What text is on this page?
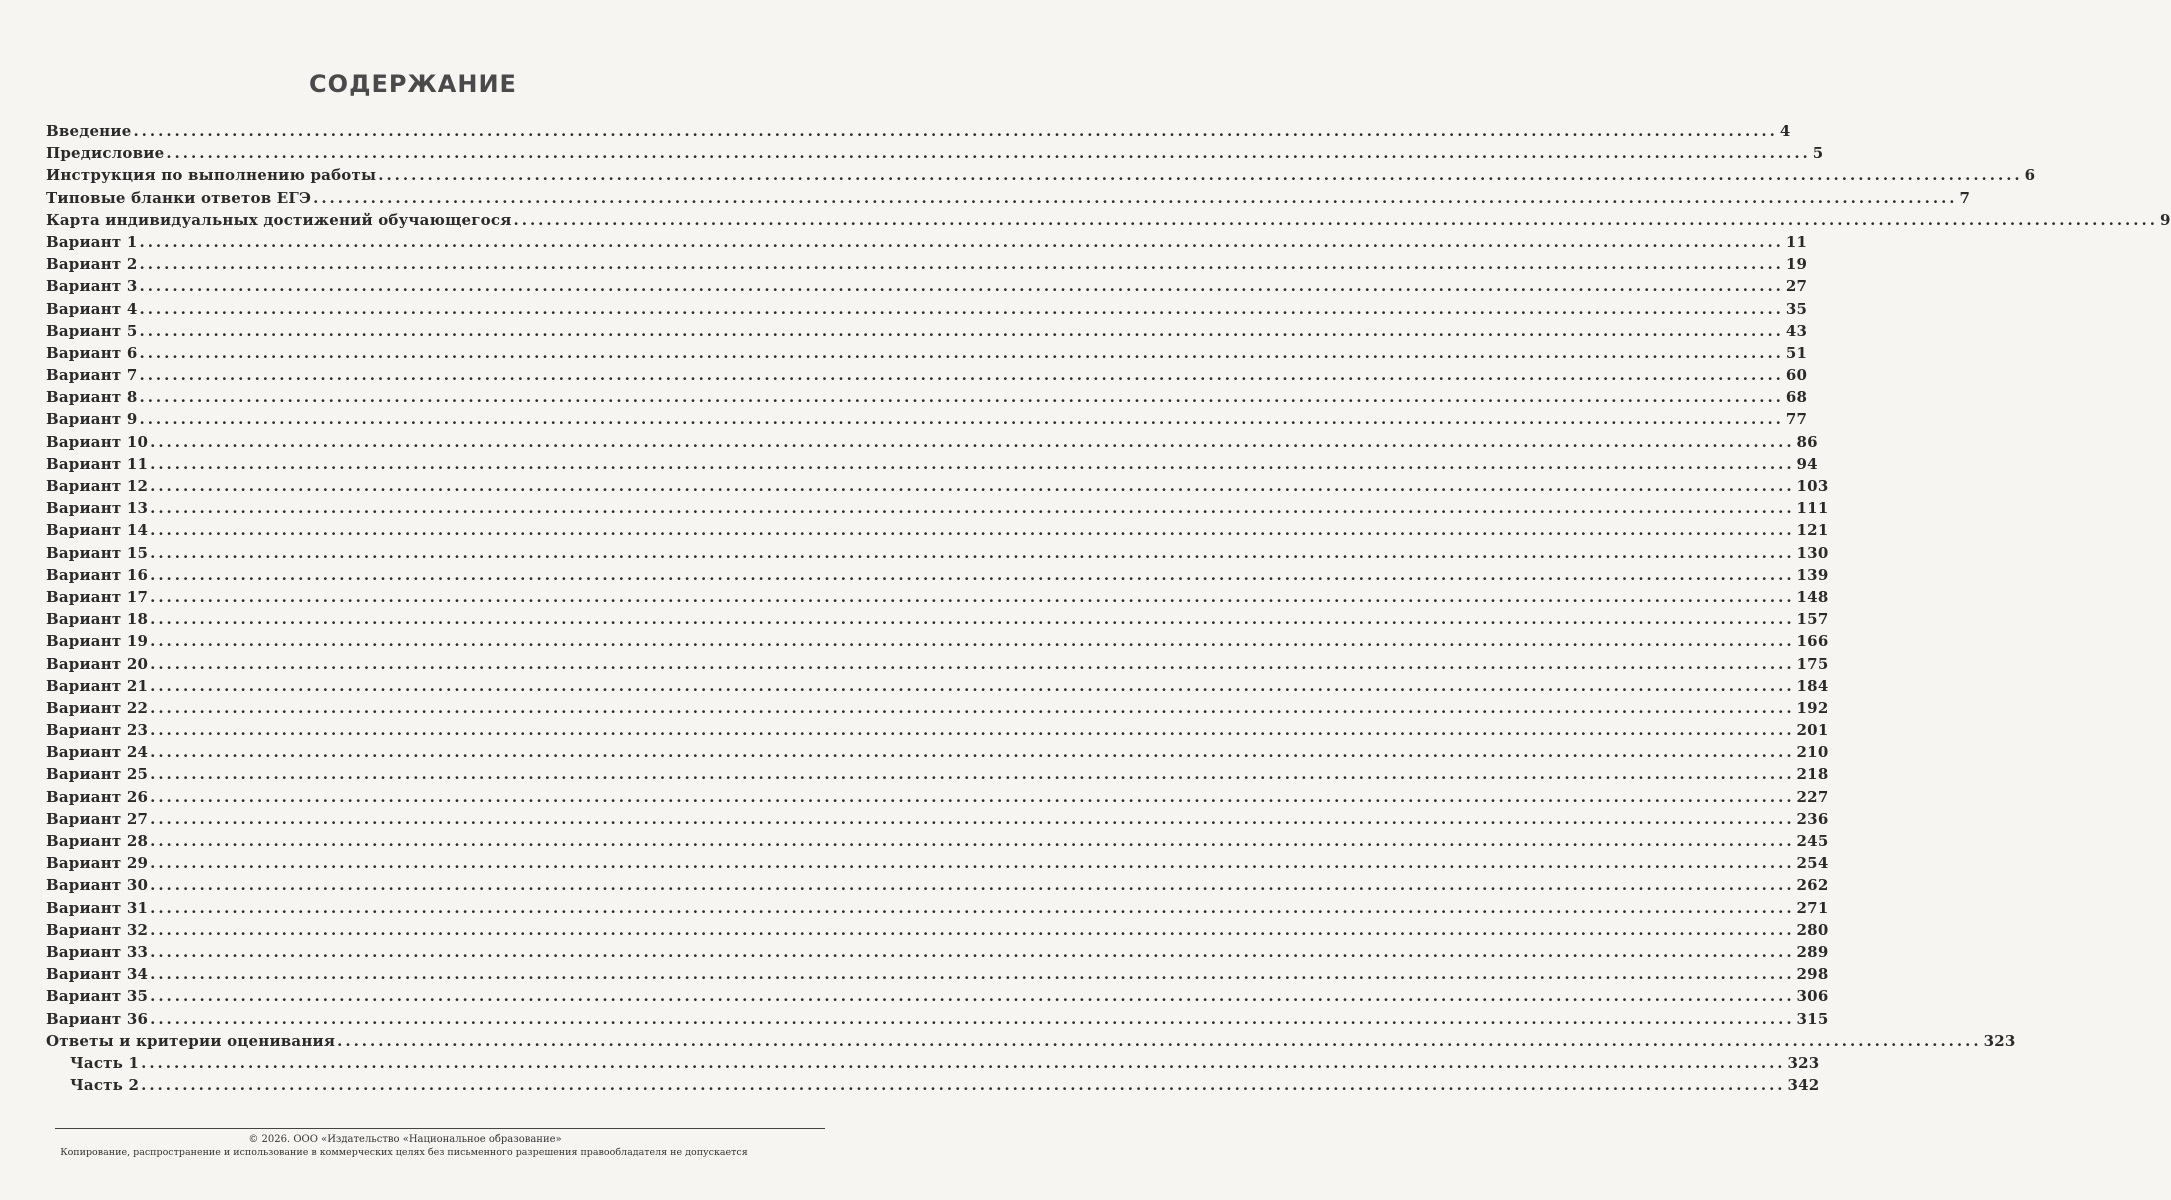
СОДЕРЖАНИЕ
Введение ........................................................................................................................................................................................................ 4
Предисловие ........................................................................................................................................................................................................ 5
Инструкция по выполнению работы ........................................................................................................................................................................................................ 6
Типовые бланки ответов ЕГЭ ........................................................................................................................................................................................................ 7
Карта индивидуальных достижений обучающегося ........................................................................................................................................................................................................ 9
Вариант 1 ........................................................................................................................................................................................................ 11
Вариант 2 ........................................................................................................................................................................................................ 19
Вариант 3 ........................................................................................................................................................................................................ 27
Вариант 4 ........................................................................................................................................................................................................ 35
Вариант 5 ........................................................................................................................................................................................................ 43
Вариант 6 ........................................................................................................................................................................................................ 51
Вариант 7 ........................................................................................................................................................................................................ 60
Вариант 8 ........................................................................................................................................................................................................ 68
Вариант 9 ........................................................................................................................................................................................................ 77
Вариант 10 ........................................................................................................................................................................................................ 86
Вариант 11 ........................................................................................................................................................................................................ 94
Вариант 12 ........................................................................................................................................................................................................ 103
Вариант 13 ........................................................................................................................................................................................................ 111
Вариант 14 ........................................................................................................................................................................................................ 121
Вариант 15 ........................................................................................................................................................................................................ 130
Вариант 16 ........................................................................................................................................................................................................ 139
Вариант 17 ........................................................................................................................................................................................................ 148
Вариант 18 ........................................................................................................................................................................................................ 157
Вариант 19 ........................................................................................................................................................................................................ 166
Вариант 20 ........................................................................................................................................................................................................ 175
Вариант 21 ........................................................................................................................................................................................................ 184
Вариант 22 ........................................................................................................................................................................................................ 192
Вариант 23 ........................................................................................................................................................................................................ 201
Вариант 24 ........................................................................................................................................................................................................ 210
Вариант 25 ........................................................................................................................................................................................................ 218
Вариант 26 ........................................................................................................................................................................................................ 227
Вариант 27 ........................................................................................................................................................................................................ 236
Вариант 28 ........................................................................................................................................................................................................ 245
Вариант 29 ........................................................................................................................................................................................................ 254
Вариант 30 ........................................................................................................................................................................................................ 262
Вариант 31 ........................................................................................................................................................................................................ 271
Вариант 32 ........................................................................................................................................................................................................ 280
Вариант 33 ........................................................................................................................................................................................................ 289
Вариант 34 ........................................................................................................................................................................................................ 298
Вариант 35 ........................................................................................................................................................................................................ 306
Вариант 36 ........................................................................................................................................................................................................ 315
Ответы и критерии оценивания ........................................................................................................................................................................................................ 323
Часть 1 ........................................................................................................................................................................................................ 323
Часть 2 ........................................................................................................................................................................................................ 342
© 2026. ООО «Издательство «Национальное образование»
Копирование, распространение и использование в коммерческих целях без письменного разрешения правообладателя не допускается
